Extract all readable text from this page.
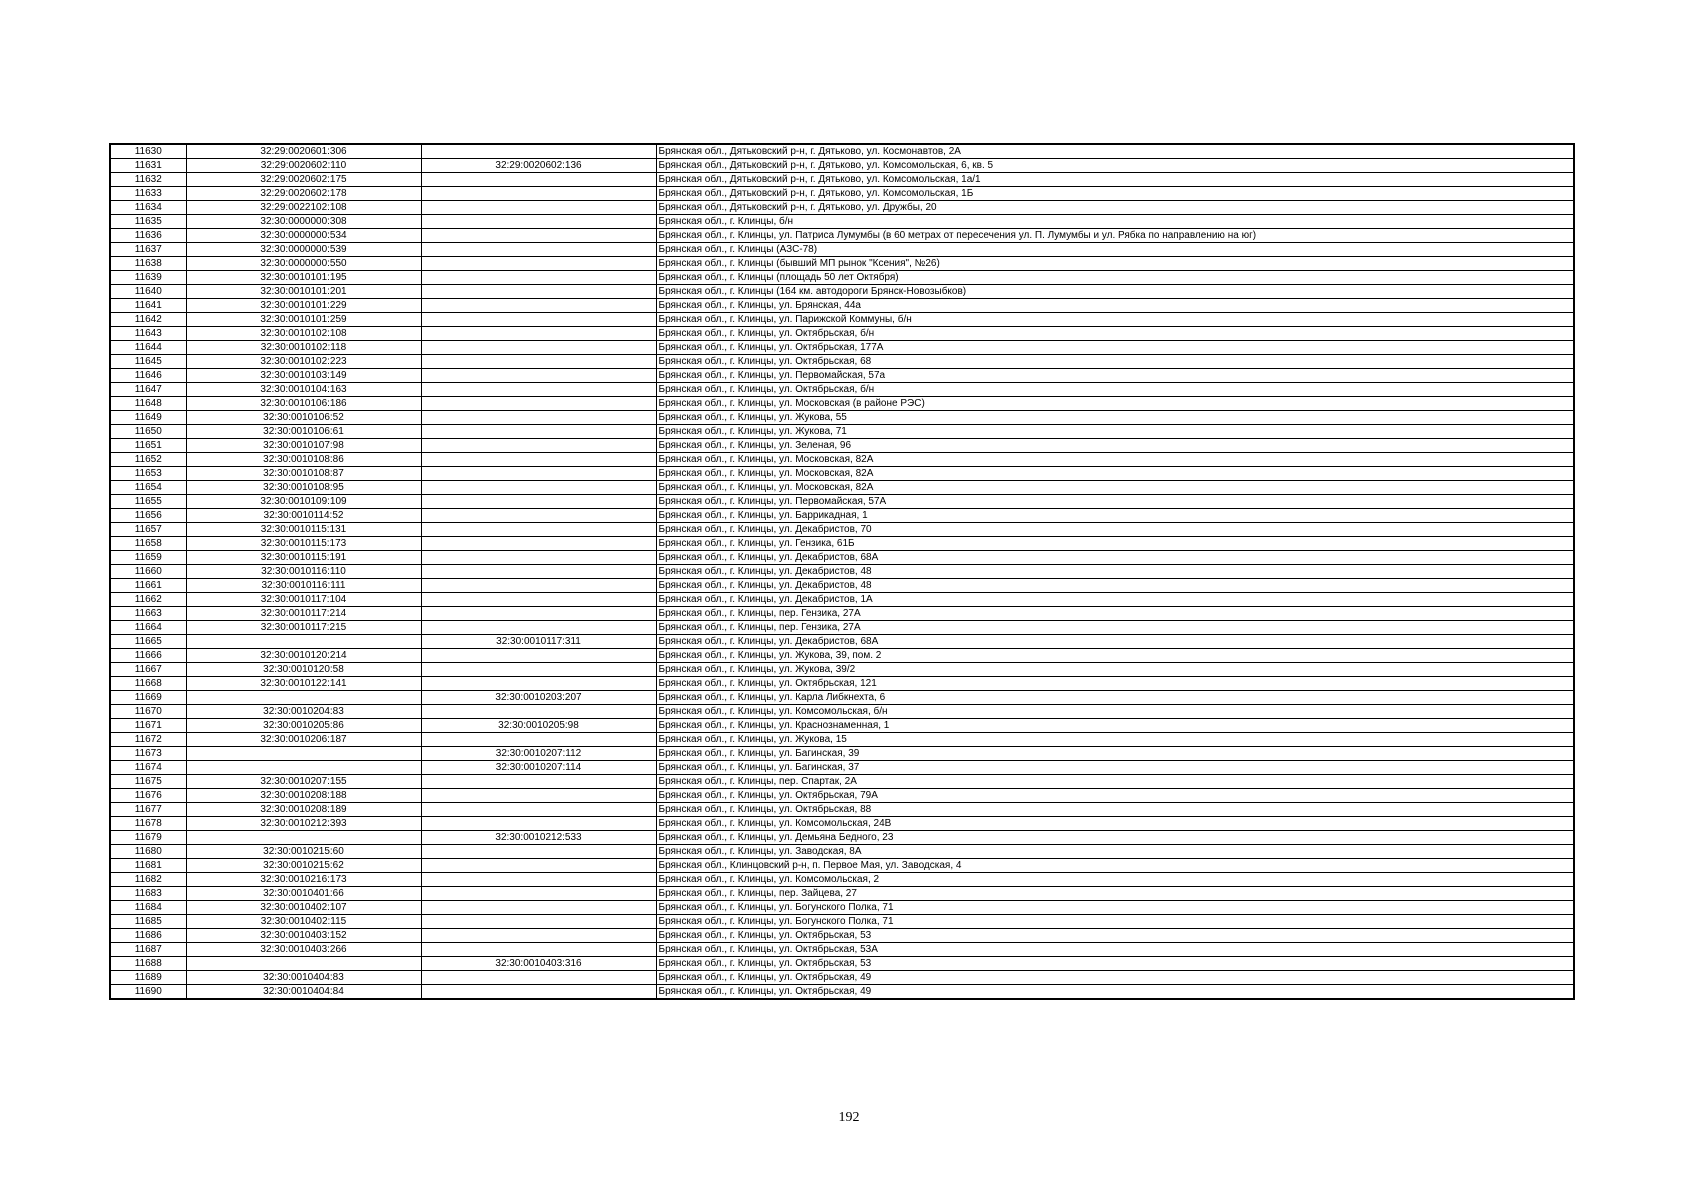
11630	32:29:0020601:306		Брянская обл., Дятьковский р-н, г. Дятьково, ул. Космонавтов, 2А
11631	32:29:0020602:110	32:29:0020602:136	Брянская обл., Дятьковский р-н, г. Дятьково, ул. Комсомольская, 6, кв. 5
11632	32:29:0020602:175		Брянская обл., Дятьковский р-н, г. Дятьково, ул. Комсомольская, 1а/1
11633	32:29:0020602:178		Брянская обл., Дятьковский р-н, г. Дятьково, ул. Комсомольская, 1Б
11634	32:29:0022102:108		Брянская обл., Дятьковский р-н, г. Дятьково, ул. Дружбы, 20
11635	32:30:0000000:308		Брянская обл., г. Клинцы, б/н
11636	32:30:0000000:534		Брянская обл., г. Клинцы, ул. Патриса Лумумбы (в 60 метрах от пересечения ул. П. Лумумбы и ул. Рябка по направлению на юг)
11637	32:30:0000000:539		Брянская обл., г. Клинцы (АЗС-78)
11638	32:30:0000000:550		Брянская обл., г. Клинцы (бывший МП рынок "Ксения", №26)
11639	32:30:0010101:195		Брянская обл., г. Клинцы (площадь 50 лет Октября)
11640	32:30:0010101:201		Брянская обл., г. Клинцы (164 км. автодороги Брянск-Новозыбков)
11641	32:30:0010101:229		Брянская обл., г. Клинцы, ул. Брянская, 44а
11642	32:30:0010101:259		Брянская обл., г. Клинцы, ул. Парижской Коммуны, б/н
11643	32:30:0010102:108		Брянская обл., г. Клинцы, ул. Октябрьская, б/н
11644	32:30:0010102:118		Брянская обл., г. Клинцы, ул. Октябрьская, 177А
11645	32:30:0010102:223		Брянская обл., г. Клинцы, ул. Октябрьская, 68
11646	32:30:0010103:149		Брянская обл., г. Клинцы, ул. Первомайская, 57а
11647	32:30:0010104:163		Брянская обл., г. Клинцы, ул. Октябрьская, б/н
11648	32:30:0010106:186		Брянская обл., г. Клинцы, ул. Московская (в районе РЭС)
11649	32:30:0010106:52		Брянская обл., г. Клинцы, ул. Жукова, 55
11650	32:30:0010106:61		Брянская обл., г. Клинцы, ул. Жукова, 71
11651	32:30:0010107:98		Брянская обл., г. Клинцы, ул. Зеленая, 96
11652	32:30:0010108:86		Брянская обл., г. Клинцы, ул. Московская, 82А
11653	32:30:0010108:87		Брянская обл., г. Клинцы, ул. Московская, 82А
11654	32:30:0010108:95		Брянская обл., г. Клинцы, ул. Московская, 82А
11655	32:30:0010109:109		Брянская обл., г. Клинцы, ул. Первомайская, 57А
11656	32:30:0010114:52		Брянская обл., г. Клинцы, ул. Баррикадная, 1
11657	32:30:0010115:131		Брянская обл., г. Клинцы, ул. Декабристов, 70
11658	32:30:0010115:173		Брянская обл., г. Клинцы, ул. Гензика, 61Б
11659	32:30:0010115:191		Брянская обл., г. Клинцы, ул. Декабристов, 68А
11660	32:30:0010116:110		Брянская обл., г. Клинцы, ул. Декабристов, 48
11661	32:30:0010116:111		Брянская обл., г. Клинцы, ул. Декабристов, 48
11662	32:30:0010117:104		Брянская обл., г. Клинцы, ул. Декабристов, 1А
11663	32:30:0010117:214		Брянская обл., г. Клинцы, пер. Гензика, 27А
11664	32:30:0010117:215		Брянская обл., г. Клинцы, пер. Гензика, 27А
11665		32:30:0010117:311	Брянская обл., г. Клинцы, ул. Декабристов, 68А
11666	32:30:0010120:214		Брянская обл., г. Клинцы, ул. Жукова, 39, пом. 2
11667	32:30:0010120:58		Брянская обл., г. Клинцы, ул. Жукова, 39/2
11668	32:30:0010122:141		Брянская обл., г. Клинцы, ул. Октябрьская, 121
11669		32:30:0010203:207	Брянская обл., г. Клинцы, ул. Карла Либкнехта, 6
11670	32:30:0010204:83		Брянская обл., г. Клинцы, ул. Комсомольская, б/н
11671	32:30:0010205:86	32:30:0010205:98	Брянская обл., г. Клинцы, ул. Краснознаменная, 1
11672	32:30:0010206:187		Брянская обл., г. Клинцы, ул. Жукова, 15
11673		32:30:0010207:112	Брянская обл., г. Клинцы, ул. Багинская, 39
11674		32:30:0010207:114	Брянская обл., г. Клинцы, ул. Багинская, 37
11675	32:30:0010207:155		Брянская обл., г. Клинцы, пер. Спартак, 2А
11676	32:30:0010208:188		Брянская обл., г. Клинцы, ул. Октябрьская, 79А
11677	32:30:0010208:189		Брянская обл., г. Клинцы, ул. Октябрьская, 88
11678	32:30:0010212:393		Брянская обл., г. Клинцы, ул. Комсомольская, 24В
11679		32:30:0010212:533	Брянская обл., г. Клинцы, ул. Демьяна Бедного, 23
11680	32:30:0010215:60		Брянская обл., г. Клинцы, ул. Заводская, 8А
11681	32:30:0010215:62		Брянская обл., Клинцовский р-н, п. Первое Мая, ул. Заводская, 4
11682	32:30:0010216:173		Брянская обл., г. Клинцы, ул. Комсомольская, 2
11683	32:30:0010401:66		Брянская обл., г. Клинцы, пер. Зайцева, 27
11684	32:30:0010402:107		Брянская обл., г. Клинцы, ул. Богунского Полка, 71
11685	32:30:0010402:115		Брянская обл., г. Клинцы, ул. Богунского Полка, 71
11686	32:30:0010403:152		Брянская обл., г. Клинцы, ул. Октябрьская, 53
11687	32:30:0010403:266		Брянская обл., г. Клинцы, ул. Октябрьская, 53А
11688		32:30:0010403:316	Брянская обл., г. Клинцы, ул. Октябрьская, 53
11689	32:30:0010404:83		Брянская обл., г. Клинцы, ул. Октябрьская, 49
11690	32:30:0010404:84		Брянская обл., г. Клинцы, ул. Октябрьская, 49
192
